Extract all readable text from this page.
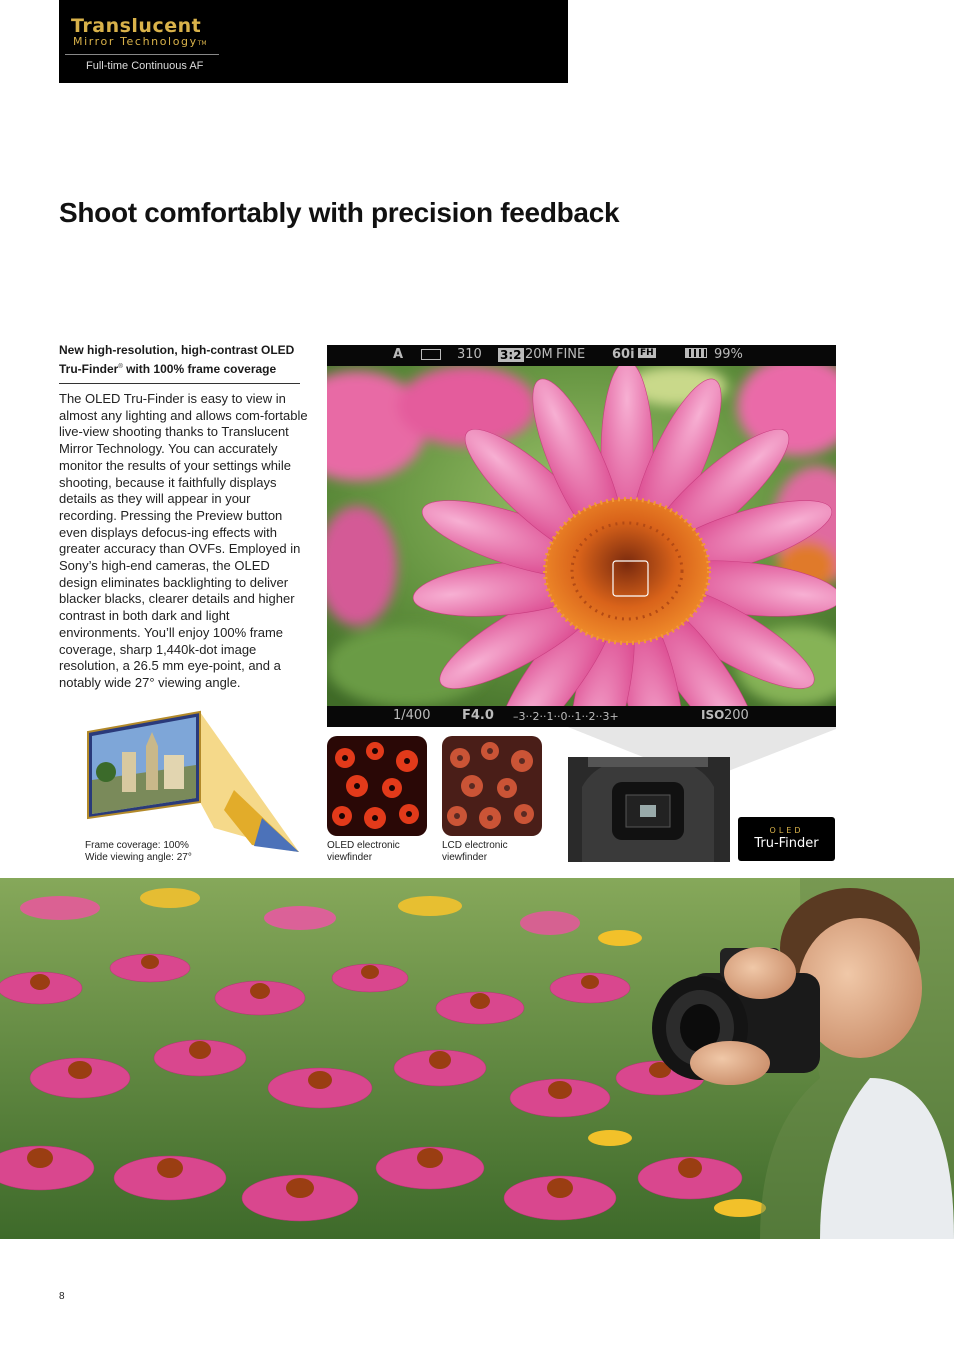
Translucent
Mirror TechnologyTM
Full-time Continuous AF
Shoot comfortably with precision feedback
New high-resolution, high-contrast OLED
Tru-Finder® with 100% frame coverage

The OLED Tru-Finder is easy to view in almost any lighting and allows com-fortable live-view shooting thanks to Translucent Mirror Technology. You can accurately monitor the results of your settings while shooting, because it faithfully displays details as they will appear in your recording. Pressing the Preview button even displays defocus-ing effects with greater accuracy than OVFs. Employed in Sony’s high-end cameras, the OLED design eliminates backlighting to deliver blacker blacks, clearer details and higher contrast in both dark and light environments. You’ll enjoy 100% frame coverage, sharp 1,440k-dot image resolution, a 26.5 mm eye-point, and a notably wide 27° viewing angle.

A	310 3:2 20M FINE 60i FH	99%
1/400 F4.0 –3··2··1··0··1··2··3+	ISO 200
Frame coverage: 100%
Wide viewing angle: 27°
OLED electronic
viewfinder
LCD electronic
viewfinder
OLED
Tru-Finder
8
